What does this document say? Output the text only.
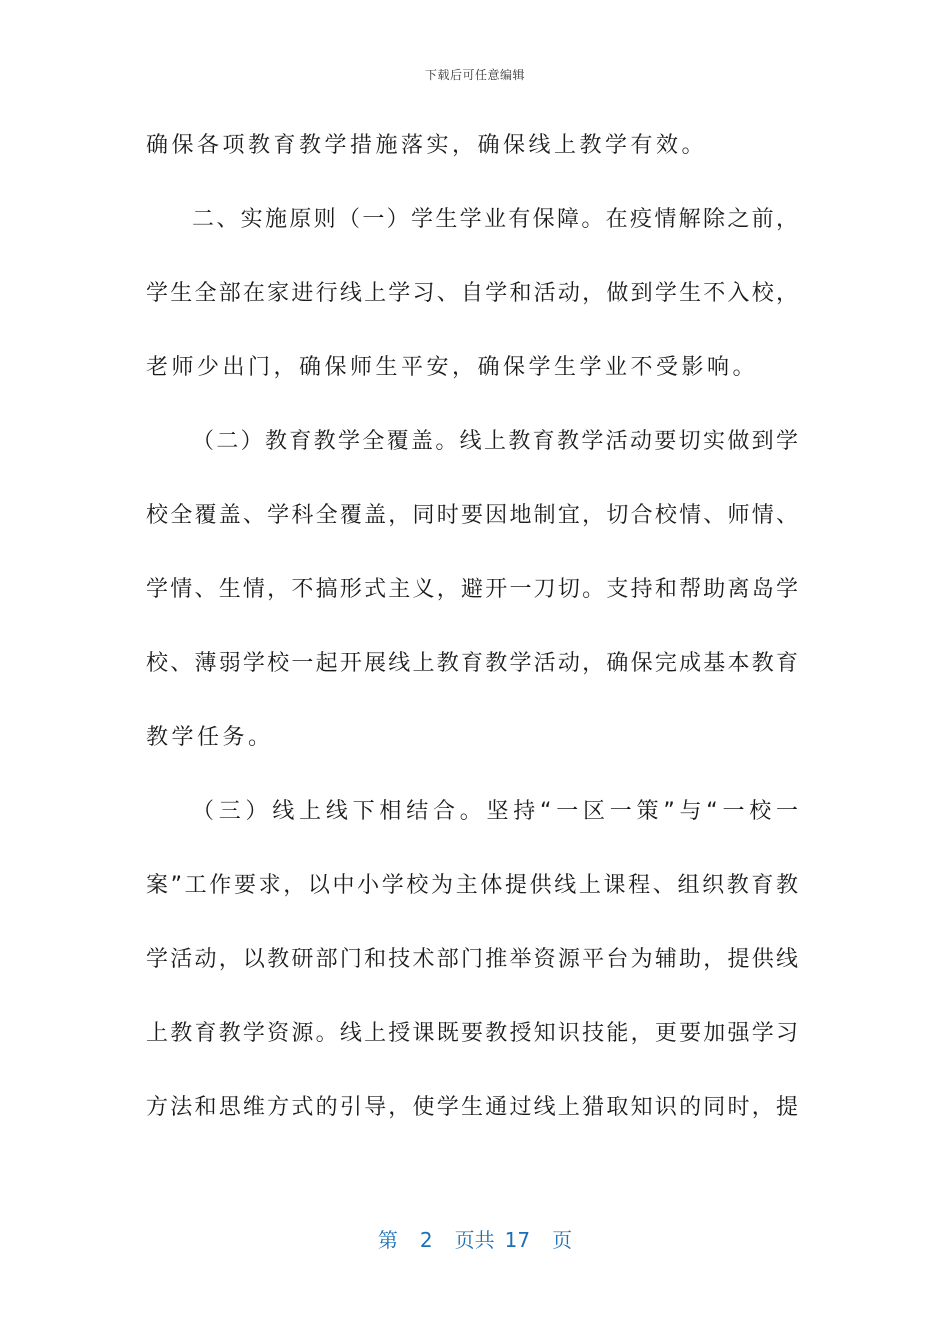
下载后可任意编辑
确保各项教育教学措施落实，确保线上教学有效。
二、实施原则（一）学生学业有保障。在疫情解除之前，
学生全部在家进行线上学习、自学和活动，做到学生不入校，
老师少出门，确保师生平安，确保学生学业不受影响。
（二）教育教学全覆盖。线上教育教学活动要切实做到学
校全覆盖、学科全覆盖，同时要因地制宜，切合校情、师情、
学情、生情，不搞形式主义，避开一刀切。支持和帮助离岛学
校、薄弱学校一起开展线上教育教学活动，确保完成基本教育
教学任务。
（三）线上线下相结合。坚持“一区一策”与“一校一
案”工作要求，以中小学校为主体提供线上课程、组织教育教
学活动，以教研部门和技术部门推举资源平台为辅助，提供线
上教育教学资源。线上授课既要教授知识技能，更要加强学习
方法和思维方式的引导，使学生通过线上猎取知识的同时，提
第 2 页共 17 页
